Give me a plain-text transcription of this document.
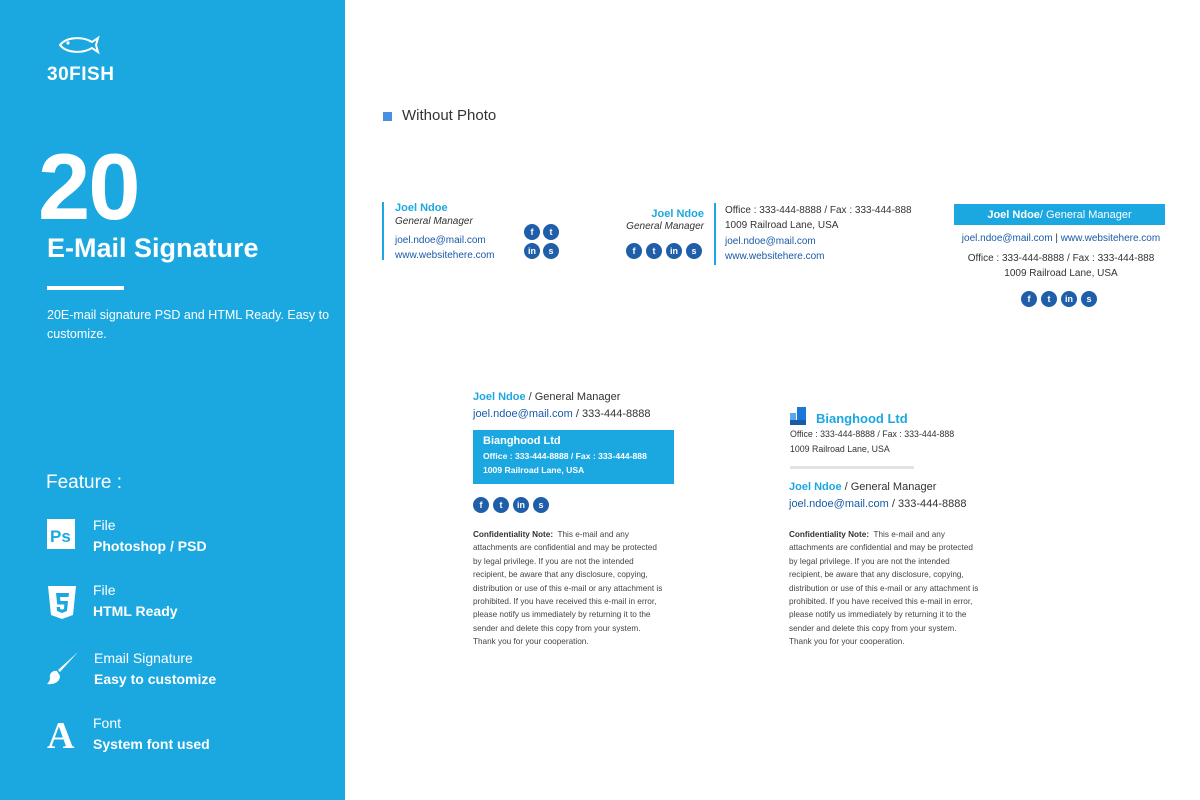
30FISH
20
E-Mail Signature
20E-mail signature PSD and HTML Ready. Easy to customize.
Feature :
Ps
File
Photoshop / PSD
File
HTML Ready
Email Signature
Easy to customize
A Font
System font used
Without Photo
Joel Ndoe
General Manager
joel.ndoe@mail.com
www.websitehere.com
f	t
in	s
Joel Ndoe
General Manager
f	t	in	s
Office : 333-444-8888 / Fax : 333-444-888
1009 Railroad Lane, USA
joel.ndoe@mail.com
www.websitehere.com
Joel Ndoe / General Manager
joel.ndoe@mail.com | www.websitehere.com
Office : 333-444-8888 / Fax : 333-444-888
1009 Railroad Lane, USA
f	t	in	s
Joel Ndoe / General Manager
joel.ndoe@mail.com / 333-444-8888
Bianghood Ltd
Office : 333-444-8888 / Fax : 333-444-888
1009 Railroad Lane, USA
f	t	in	s
Confidentiality Note: This e-mail and any
attachments are confidential and may be protected
by legal privilege. If you are not the intended
recipient, be aware that any disclosure, copying,
distribution or use of this e-mail or any attachment is
prohibited. If you have received this e-mail in error,
please notify us immediately by returning it to the
sender and delete this copy from your system.
Thank you for your cooperation.
Bianghood Ltd
Office : 333-444-8888 / Fax : 333-444-888
1009 Railroad Lane, USA
Joel Ndoe / General Manager
joel.ndoe@mail.com / 333-444-8888
Confidentiality Note: This e-mail and any
attachments are confidential and may be protected
by legal privilege. If you are not the intended
recipient, be aware that any disclosure, copying,
distribution or use of this e-mail or any attachment is
prohibited. If you have received this e-mail in error,
please notify us immediately by returning it to the
sender and delete this copy from your system.
Thank you for your cooperation.
